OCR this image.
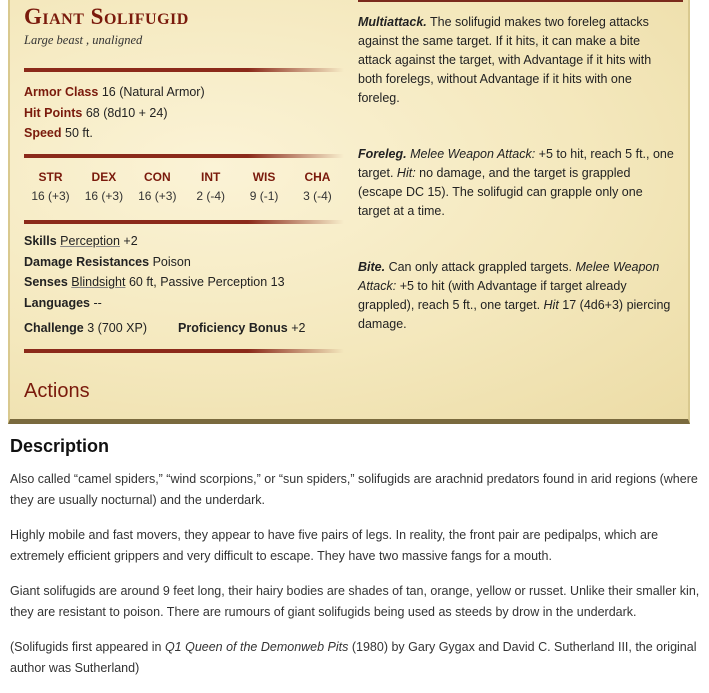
Giant Solifugid
Large beast , unaligned
Armor Class 16 (Natural Armor)
Hit Points 68 (8d10 + 24)
Speed 50 ft.
STR
16 (+3)
DEX
16 (+3)
CON
16 (+3)
INT
2 (-4)
WIS
9 (-1)
CHA
3 (-4)
Skills Perception +2
Damage Resistances Poison
Senses Blindsight 60 ft, Passive Perception 13
Languages --
Challenge 3 (700 XP) Proficiency Bonus +2
Actions
Multiattack. The solifugid makes two foreleg attacks against the same target. If it hits, it can make a bite attack against the target, with Advantage if it hits with both forelegs, without Advantage if it hits with one foreleg.
Foreleg. Melee Weapon Attack: +5 to hit, reach 5 ft., one target. Hit: no damage, and the target is grappled (escape DC 15). The solifugid can grapple only one target at a time.
Bite. Can only attack grappled targets. Melee Weapon Attack: +5 to hit (with Advantage if target already grappled), reach 5 ft., one target. Hit 17 (4d6+3) piercing damage.
Description

Also called “camel spiders,” “wind scorpions,” or “sun spiders,” solifugids are arachnid predators found in arid regions (where they are usually nocturnal) and the underdark.

Highly mobile and fast movers, they appear to have five pairs of legs. In reality, the front pair are pedipalps, which are extremely efficient grippers and very difficult to escape. They have two massive fangs for a mouth.

Giant solifugids are around 9 feet long, their hairy bodies are shades of tan, orange, yellow or russet. Unlike their smaller kin, they are resistant to poison. There are rumours of giant solifugids being used as steeds by drow in the underdark.

(Solifugids first appeared in Q1 Queen of the Demonweb Pits (1980) by Gary Gygax and David C. Sutherland III, the original author was Sutherland)
